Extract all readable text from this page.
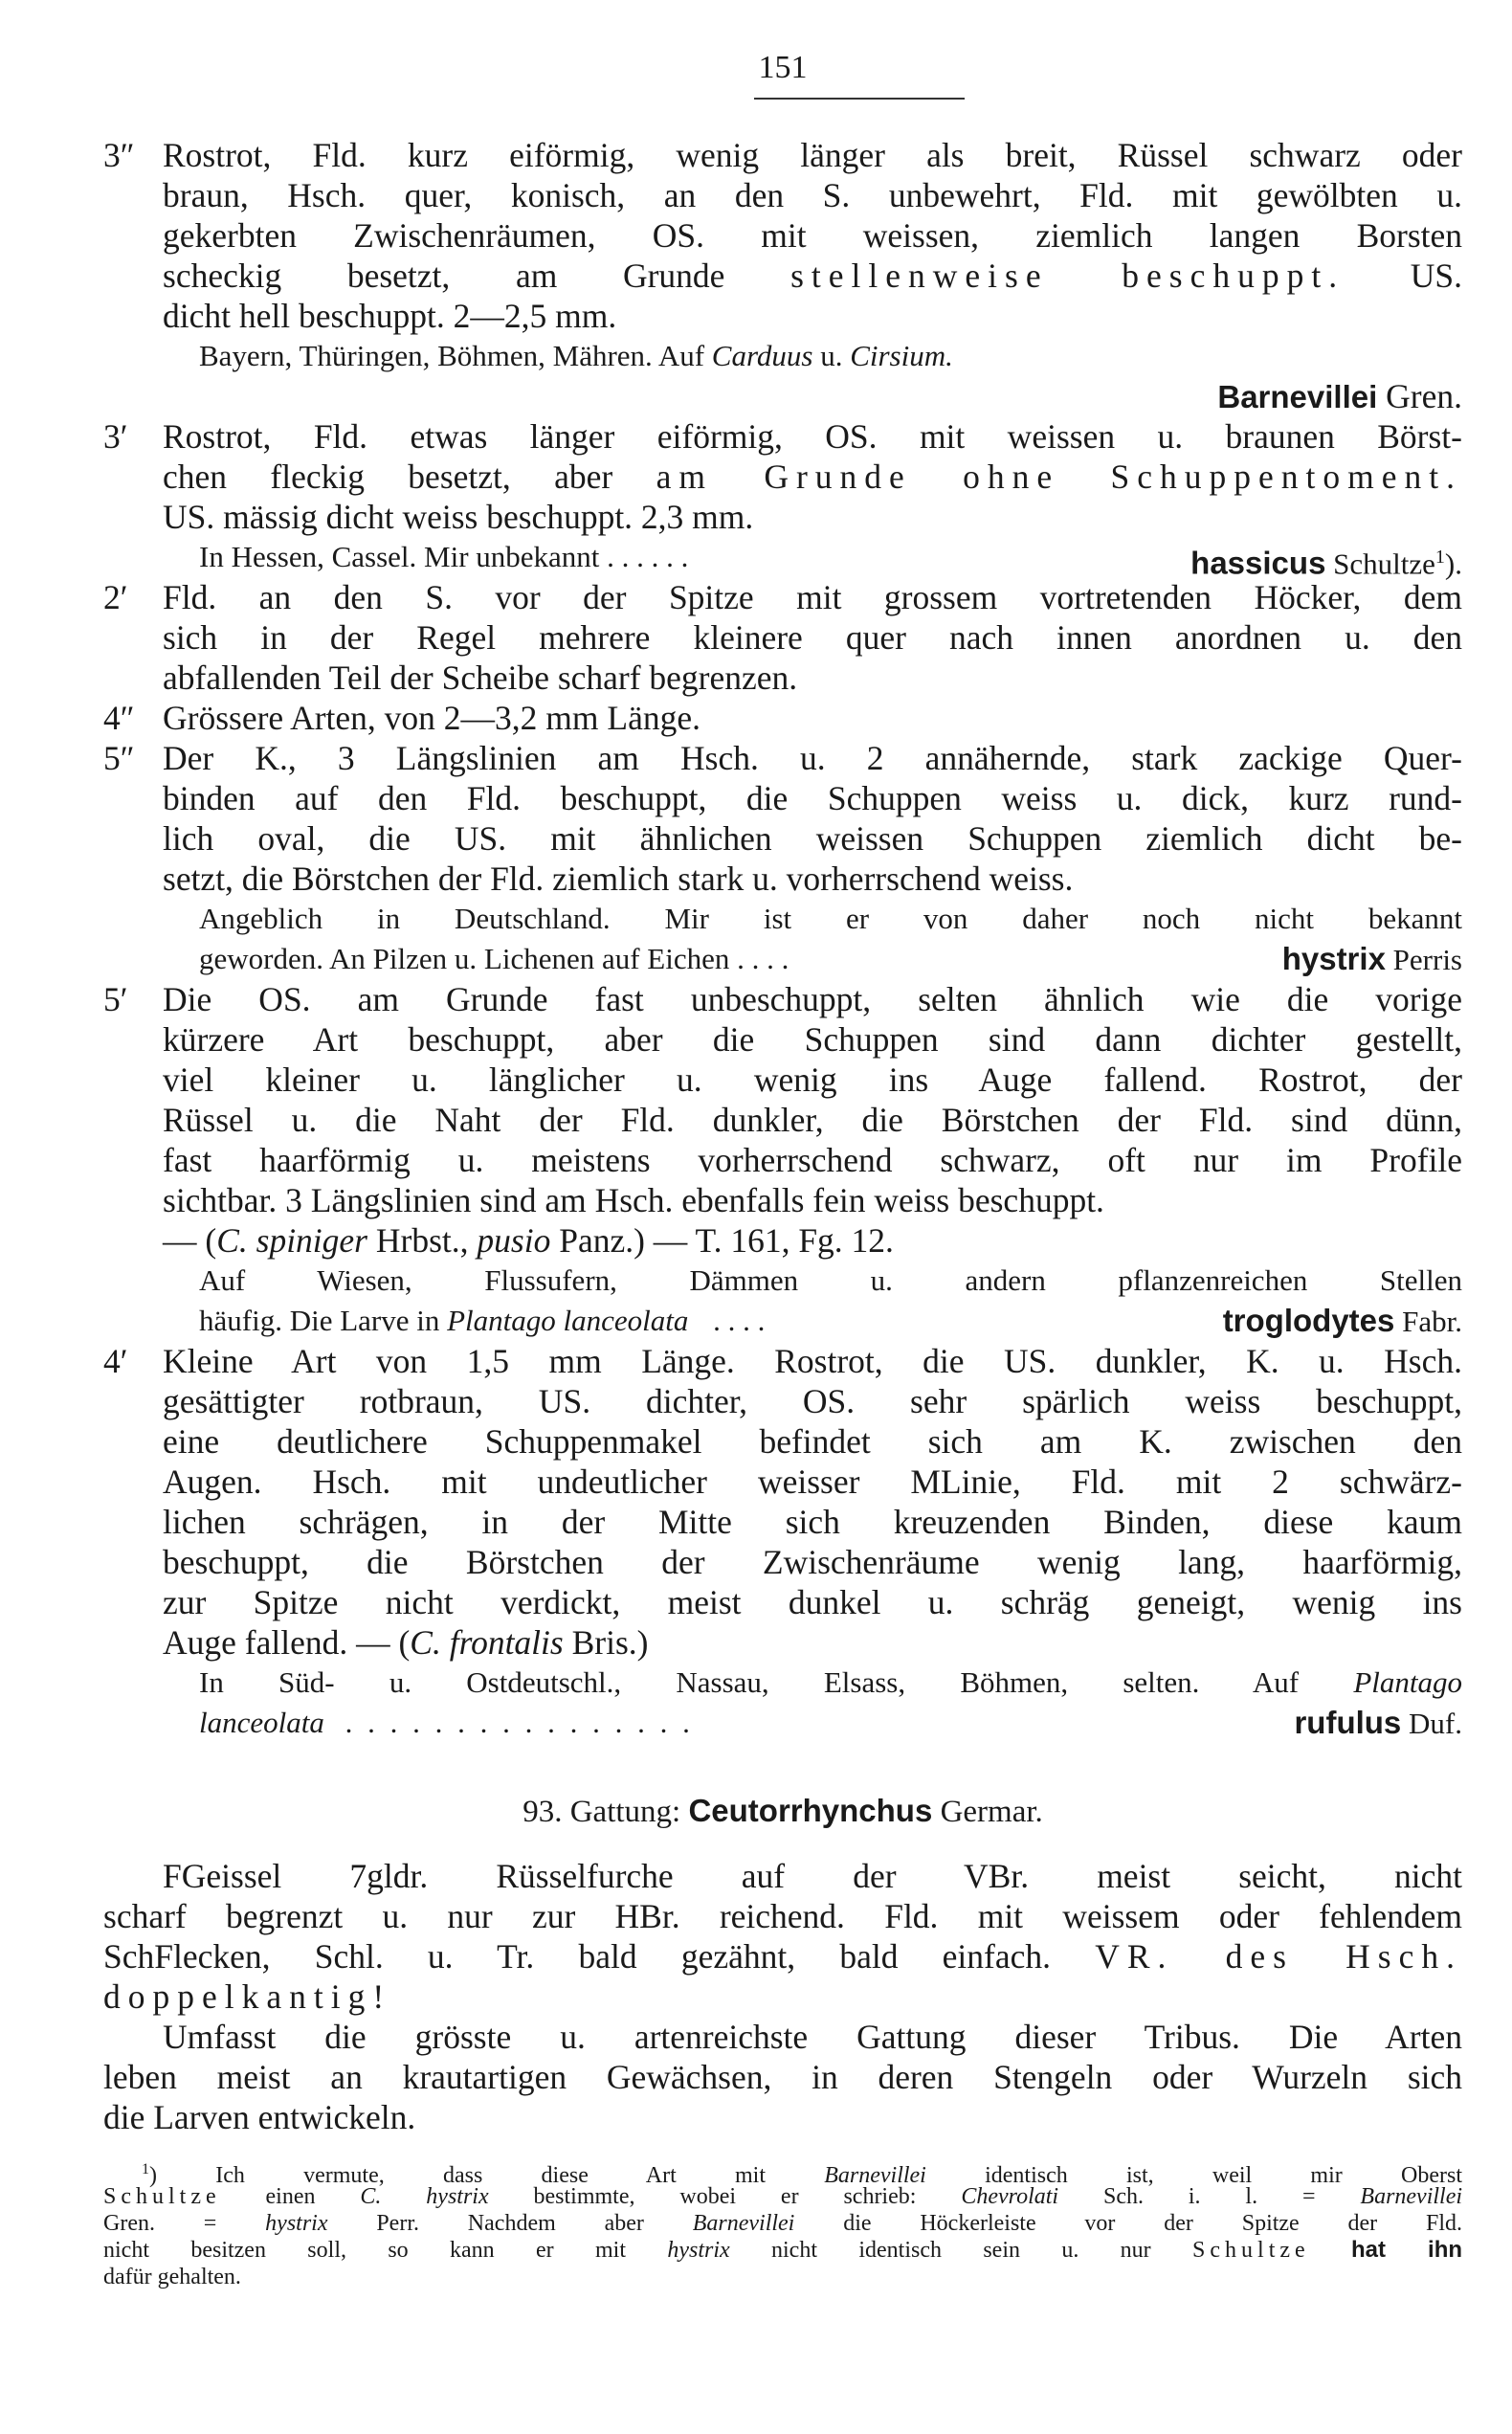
151
3″ Rostrot, Fld. kurz eiförmig, wenig länger als breit, Rüssel schwarz oder
braun, Hsch. quer, konisch, an den S. unbewehrt, Fld. mit gewölbten u.
gekerbten Zwischenräumen, OS. mit weissen, ziemlich langen Borsten
scheckig besetzt, am Grunde stellenweise beschuppt. US.
dicht hell beschuppt. 2—2,5 mm.
Bayern, Thüringen, Böhmen, Mähren. Auf Carduus u. Cirsium.
Barnevillei Gren.
3′	Rostrot, Fld. etwas länger eiförmig, OS. mit weissen u. braunen Börst-
chen fleckig besetzt, aber am Grunde ohne Schuppentoment.
US. mässig dicht weiss beschuppt. 2,3 mm.
In Hessen, Cassel. Mir unbekannt . . . . . .	hassicus Schultze$^1$).
2′	Fld. an den S. vor der Spitze mit grossem vortretenden Höcker, dem
sich in der Regel mehrere kleinere quer nach innen anordnen u. den
abfallenden Teil der Scheibe scharf begrenzen.
4″ Grössere Arten, von 2—3,2 mm Länge.
5″ Der K., 3 Längslinien am Hsch. u. 2 annähernde, stark zackige Quer-
binden auf den Fld. beschuppt, die Schuppen weiss u. dick, kurz rund-
lich oval, die US. mit ähnlichen weissen Schuppen ziemlich dicht be-
setzt, die Börstchen der Fld. ziemlich stark u. vorherrschend weiss.
Angeblich in Deutschland. Mir ist er von daher noch nicht bekannt
geworden. An Pilzen u. Lichenen auf Eichen . . . .	hystrix Perris
5′	Die OS. am Grunde fast unbeschuppt, selten ähnlich wie die vorige
kürzere Art beschuppt, aber die Schuppen sind dann dichter gestellt,
viel kleiner u. länglicher u. wenig ins Auge fallend. Rostrot, der
Rüssel u. die Naht der Fld. dunkler, die Börstchen der Fld. sind dünn,
fast haarförmig u. meistens vorherrschend schwarz, oft nur im Profile
sichtbar. 3 Längslinien sind am Hsch. ebenfalls fein weiss beschuppt.
— (C. spiniger Hrbst., pusio Panz.) — T. 161, Fg. 12.
Auf Wiesen, Flussufern, Dämmen u. andern pflanzenreichen Stellen
häufig. Die Larve in Plantago lanceolata . . . .	troglodytes Fabr.
4′	Kleine Art von 1,5 mm Länge. Rostrot, die US. dunkler, K. u. Hsch.
gesättigter rotbraun, US. dichter, OS. sehr spärlich weiss beschuppt,
eine deutlichere Schuppenmakel befindet sich am K. zwischen den
Augen. Hsch. mit undeutlicher weisser MLinie, Fld. mit 2 schwärz-
lichen schrägen, in der Mitte sich kreuzenden Binden, diese kaum
beschuppt, die Börstchen der Zwischenräume wenig lang, haarförmig,
zur Spitze nicht verdickt, meist dunkel u. schräg geneigt, wenig ins
Auge fallend. — (C. frontalis Bris.)
In Süd- u. Ostdeutschl., Nassau, Elsass, Böhmen, selten. Auf Plantago
lanceolata . . . . . . . . . . . . . . . .	rufulus Duf.
93. Gattung: Ceutorrhynchus Germar.
FGeissel 7gldr. Rüsselfurche auf der VBr. meist seicht, nicht
scharf begrenzt u. nur zur HBr. reichend. Fld. mit weissem oder fehlendem
SchFlecken, Schl. u. Tr. bald gezähnt, bald einfach. VR. des Hsch.
doppelkantig!
Umfasst die grösste u. artenreichste Gattung dieser Tribus. Die Arten
leben meist an krautartigen Gewächsen, in deren Stengeln oder Wurzeln sich
die Larven entwickeln.
$^1$) Ich vermute, dass diese Art mit	Barnevillei	identisch ist, weil mir Oberst
Schultze einen C. hystrix bestimmte, wobei er schrieb: Chevrolati Sch. i. l. = Barnevillei
Gren. = hystrix Perr. Nachdem aber Barnevillei die Höckerleiste vor der Spitze der Fld.
nicht besitzen soll, so kann er mit hystrix nicht identisch sein u. nur Schultze hat ihn
dafür gehalten.
